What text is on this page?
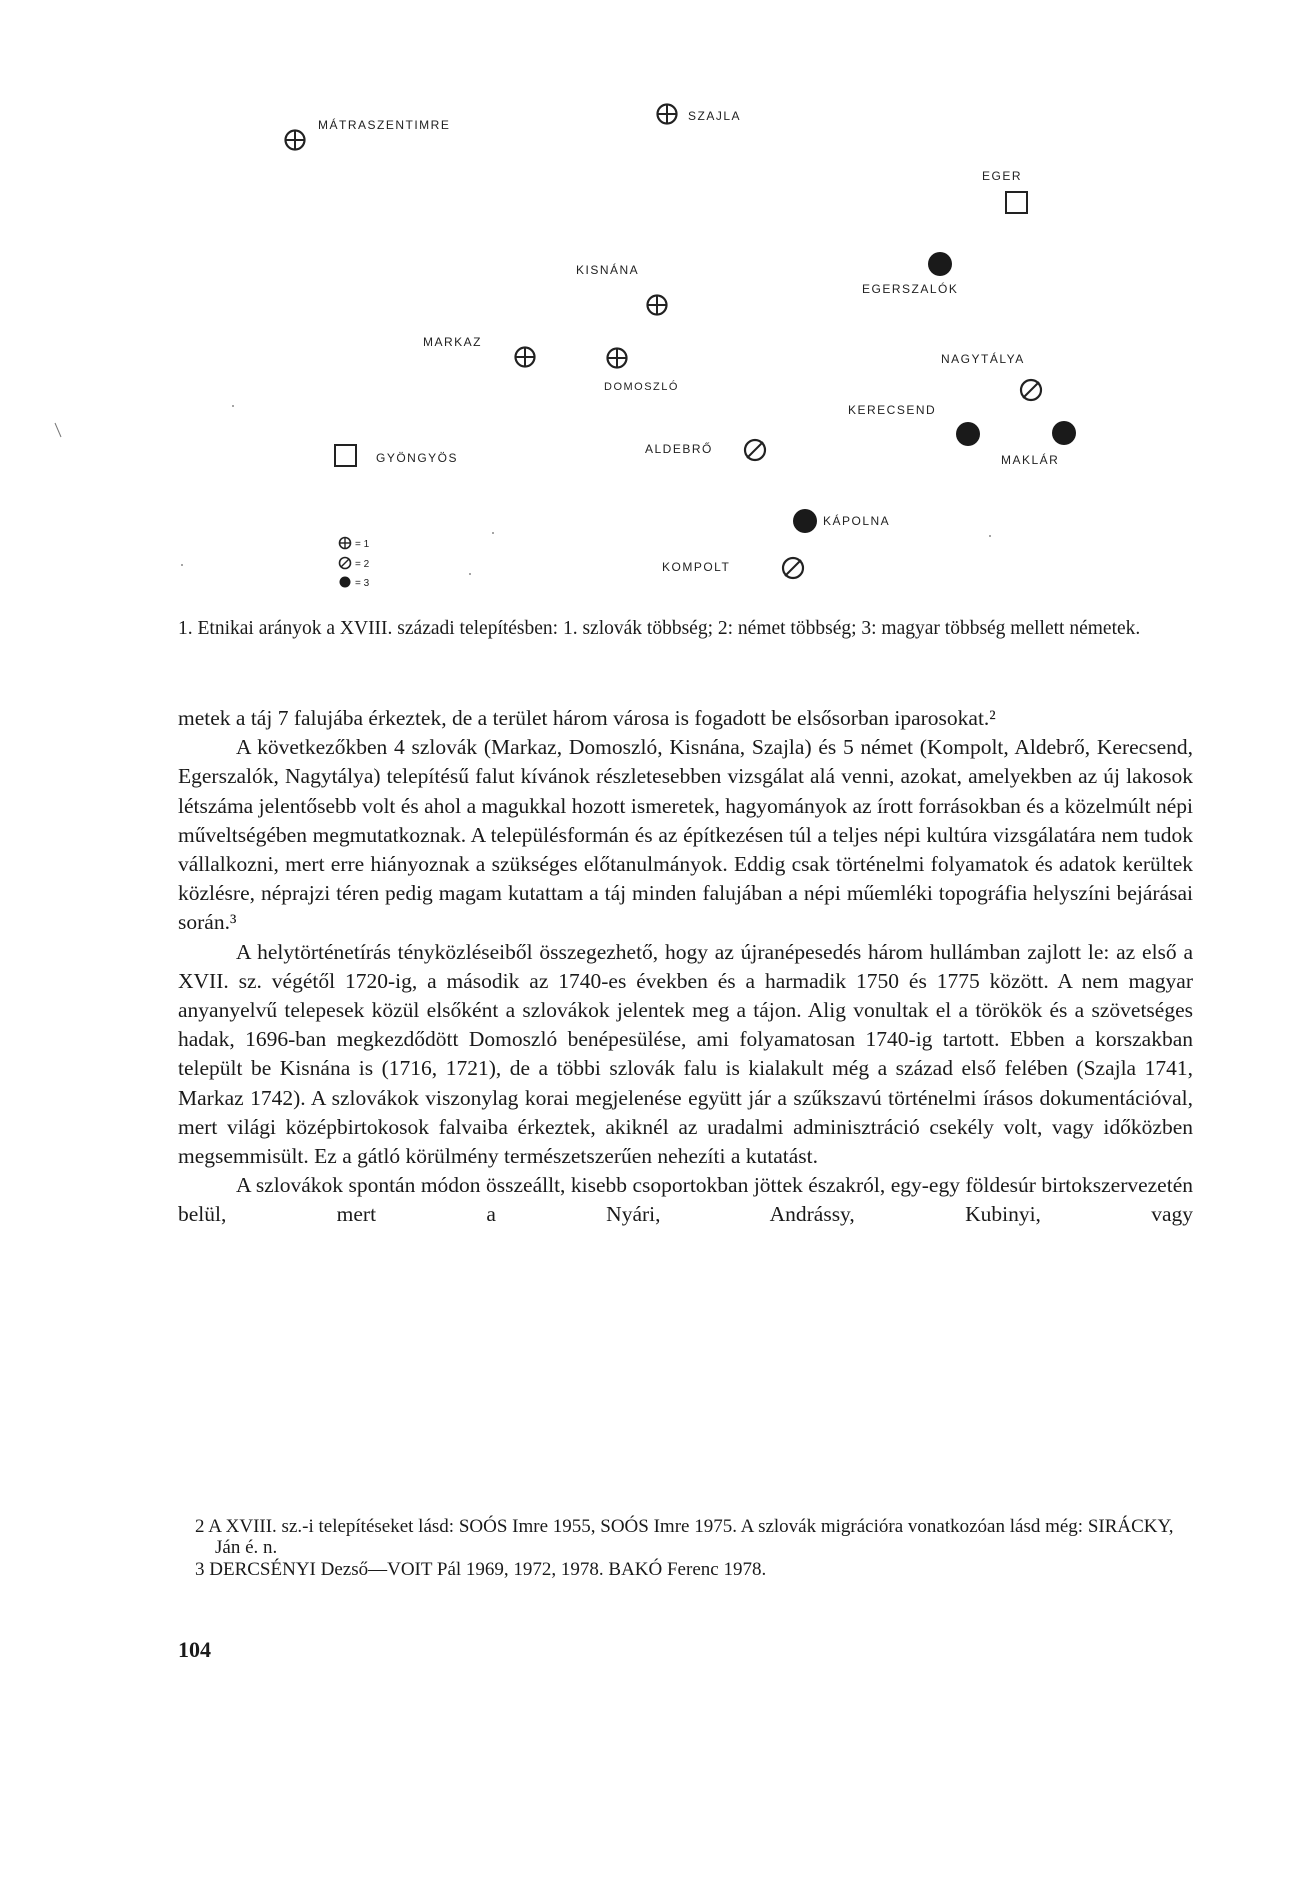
MÁTRASZENTIMRE
SZAJLA
EGER
KISNÁNA
EGERSZALÓK
MARKAZ
DOMOSZLÓ
NAGYTÁLYA
KERECSEND
GYÖNGYÖS
ALDEBRŐ
MAKLÁR
KÁPOLNA
KOMPOLT
= 1
= 2
= 3
1. Etnikai arányok a XVIII. századi telepítésben: 1. szlovák többség; 2: német többség; 3: magyar többség mellett németek.

metek a táj 7 falujába érkeztek, de a terület három városa is fogadott be elsősorban iparosokat.²

A következőkben 4 szlovák (Markaz, Domoszló, Kisnána, Szajla) és 5 német (Kompolt, Aldebrő, Kerecsend, Egerszalók, Nagytálya) telepítésű falut kívánok részletesebben vizsgálat alá venni, azokat, amelyekben az új lakosok létszáma jelentősebb volt és ahol a magukkal hozott ismeretek, hagyományok az írott forrásokban és a közelmúlt népi műveltségében megmutatkoznak. A településformán és az építkezésen túl a teljes népi kultúra vizsgálatára nem tudok vállalkozni, mert erre hiányoznak a szükséges előtanulmányok. Eddig csak történelmi folyamatok és adatok kerültek közlésre, néprajzi téren pedig magam kutattam a táj minden falujában a népi műemléki topográfia helyszíni bejárásai során.³

A helytörténetírás tényközléseiből összegezhető, hogy az újranépesedés három hullámban zajlott le: az első a XVII. sz. végétől 1720-ig, a második az 1740-es években és a harmadik 1750 és 1775 között. A nem magyar anyanyelvű telepesek közül elsőként a szlovákok jelentek meg a tájon. Alig vonultak el a törökök és a szövetséges hadak, 1696-ban megkezdődött Domoszló benépesülése, ami folyamatosan 1740-ig tartott. Ebben a korszakban települt be Kisnána is (1716, 1721), de a többi szlovák falu is kialakult még a század első felében (Szajla 1741, Markaz 1742). A szlovákok viszonylag korai megjelenése együtt jár a szűkszavú történelmi írásos dokumentációval, mert világi középbirtokosok falvaiba érkeztek, akiknél az uradalmi adminisztráció csekély volt, vagy időközben megsemmisült. Ez a gátló körülmény természetszerűen nehezíti a kutatást.

A szlovákok spontán módon összeállt, kisebb csoportokban jöttek északról, egy-egy földesúr birtokszervezetén belül, mert a Nyári, Andrássy, Kubinyi, vagy

2 A XVIII. sz.-i telepítéseket lásd: SOÓS Imre 1955, SOÓS Imre 1975. A szlovák migrációra vonatkozóan lásd még: SIRÁCKY, Ján é. n.

3 DERCSÉNYI Dezső—VOIT Pál 1969, 1972, 1978. BAKÓ Ferenc 1978.

104
